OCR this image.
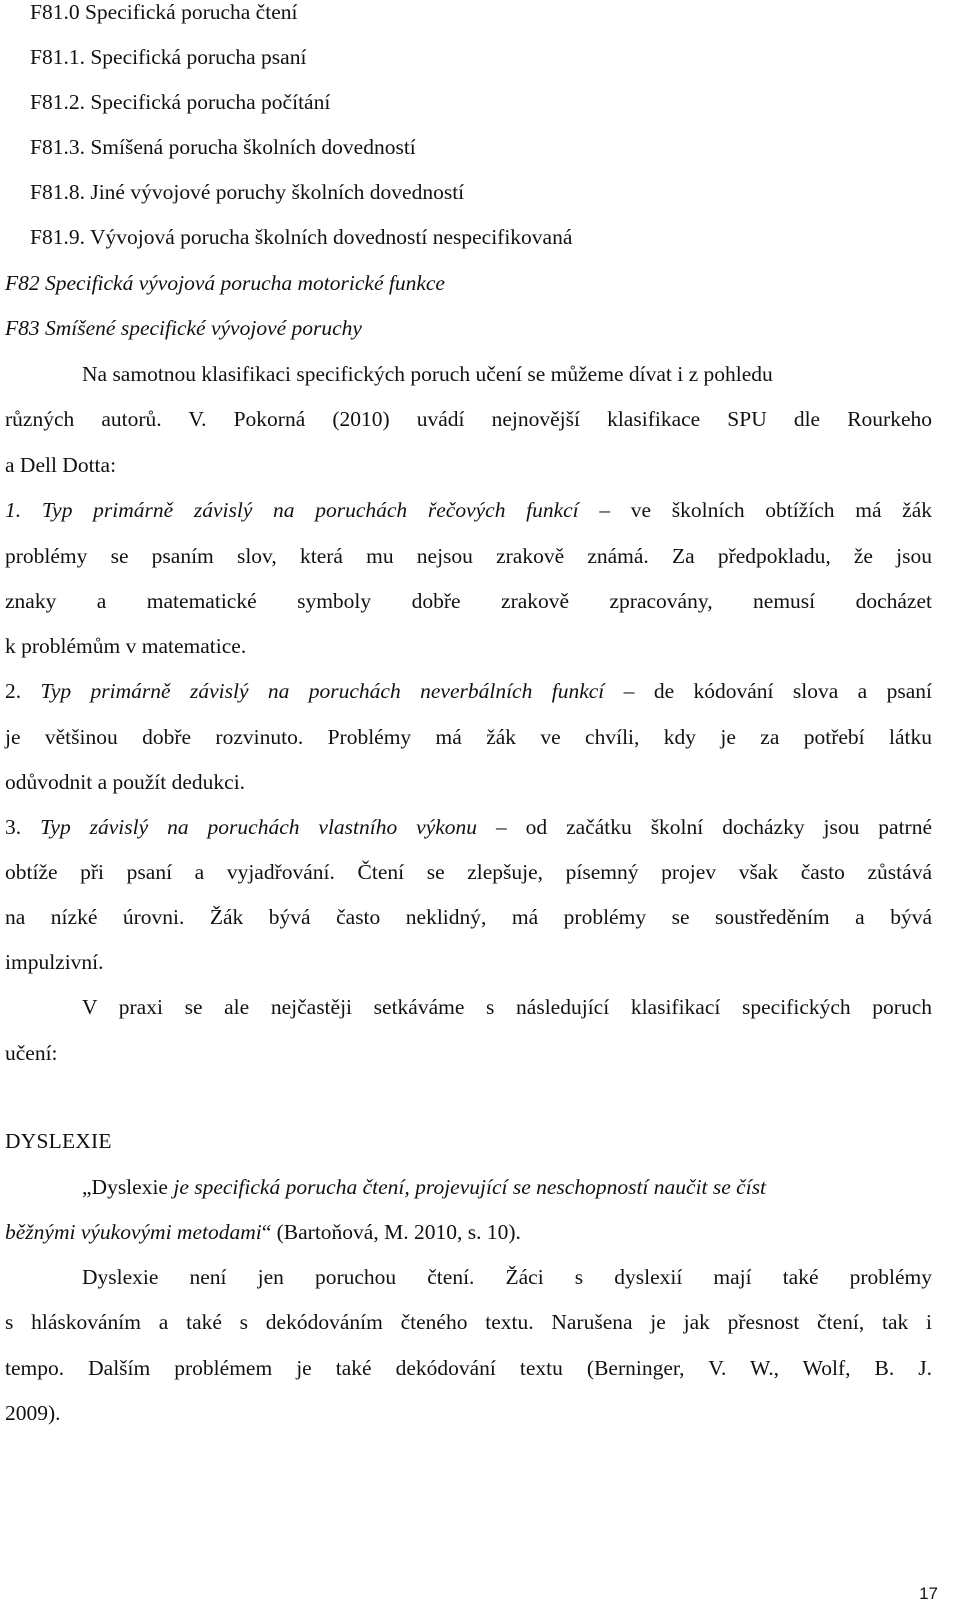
F81.0 Specifická porucha čtení
F81.1. Specifická porucha psaní
F81.2. Specifická porucha počítání
F81.3. Smíšená porucha školních dovedností
F81.8. Jiné vývojové poruchy školních dovedností
F81.9. Vývojová porucha školních dovedností nespecifikovaná
F82 Specifická vývojová porucha motorické funkce
F83 Smíšené specifické vývojové poruchy
Na samotnou klasifikaci specifických poruch učení se můžeme dívat i z pohledu
různých autorů. V. Pokorná (2010) uvádí nejnovější klasifikace SPU dle Rourkeho
a Dell Dotta:
1. Typ primárně závislý na poruchách řečových funkcí – ve školních obtížích má žák
problémy se psaním slov, která mu nejsou zrakově známá. Za předpokladu, že jsou
znaky a matematické symboly dobře zrakově zpracovány, nemusí docházet
k problémům v matematice.
2. Typ primárně závislý na poruchách neverbálních funkcí – de kódování slova a psaní
je většinou dobře rozvinuto. Problémy má žák ve chvíli, kdy je za potřebí látku
odůvodnit a použít dedukci.
3. Typ závislý na poruchách vlastního výkonu – od začátku školní docházky jsou patrné
obtíže při psaní a vyjadřování. Čtení se zlepšuje, písemný projev však často zůstává
na nízké úrovni. Žák bývá často neklidný, má problémy se soustředěním a bývá
impulzivní.
V praxi se ale nejčastěji setkáváme s následující klasifikací specifických poruch
učení:
DYSLEXIE
„Dyslexie je specifická porucha čtení, projevující se neschopností naučit se číst
běžnými výukovými metodami“ (Bartoňová, M. 2010, s. 10).
Dyslexie není jen poruchou čtení. Žáci s dyslexií mají také problémy
s hláskováním a také s dekódováním čteného textu. Narušena je jak přesnost čtení, tak i
tempo. Dalším problémem je také dekódování textu (Berninger, V. W., Wolf, B. J.
2009).
17
